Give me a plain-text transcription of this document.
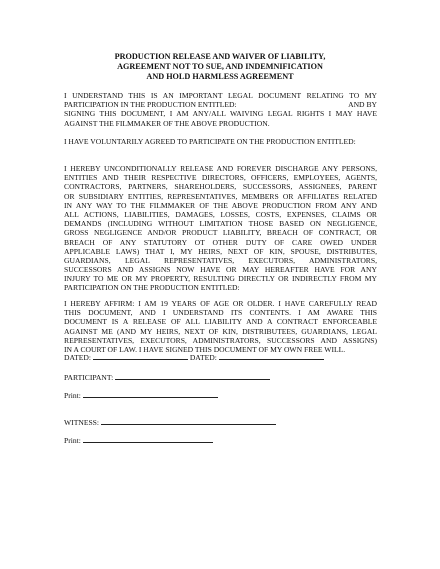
PRODUCTION RELEASE AND WAIVER OF LIABILITY,
AGREEMENT NOT TO SUE, AND INDEMNIFICATION
AND HOLD HARMLESS AGREEMENT
I UNDERSTAND THIS IS AN IMPORTANT LEGAL DOCUMENT RELATING TO MY
PARTICIPATION IN THE PRODUCTION ENTITLED:	AND BY
SIGNING THIS DOCUMENT, I AM ANY/ALL WAIVING LEGAL RIGHTS I MAY HAVE
AGAINST THE FILMMAKER OF THE ABOVE PRODUCTION.
I HAVE VOLUNTARILY AGREED TO PARTICIPATE ON THE PRODUCTION ENTITLED:
I HEREBY UNCONDITIONALLY RELEASE AND FOREVER DISCHARGE ANY PERSONS,
ENTITIES AND THEIR RESPECTIVE DIRECTORS, OFFICERS, EMPLOYEES, AGENTS,
CONTRACTORS, PARTNERS, SHAREHOLDERS, SUCCESSORS, ASSIGNEES, PARENT
OR SUBSIDIARY ENTITIES, REPRESENTATIVES, MEMBERS OR AFFILIATES RELATED
IN ANY WAY TO THE FILMMAKER OF THE ABOVE PRODUCTION FROM ANY AND
ALL ACTIONS, LIABILITIES, DAMAGES, LOSSES, COSTS, EXPENSES, CLAIMS OR
DEMANDS (INCLUDING WITHOUT LIMITATION THOSE BASED ON NEGLIGENCE,
GROSS NEGLIGENCE AND/OR PRODUCT LIABILITY, BREACH OF CONTRACT, OR
BREACH OF ANY STATUTORY OT OTHER DUTY OF CARE OWED UNDER
APPLICABLE LAWS) THAT I, MY HEIRS, NEXT OF KIN, SPOUSE, DISTRIBUTES,
GUARDIANS, LEGAL REPRESENTATIVES, EXECUTORS, ADMINISTRATORS,
SUCCESSORS AND ASSIGNS NOW HAVE OR MAY HEREAFTER HAVE FOR ANY
INJURY TO ME OR MY PROPERTY, RESULTING DIRECTLY OR INDIRECTLY FROM MY
PARTICIPATION ON THE PRODUCTION ENTITLED:
I HEREBY AFFIRM: I AM 19 YEARS OF AGE OR OLDER. I HAVE CAREFULLY READ
THIS DOCUMENT, AND I UNDERSTAND ITS CONTENTS. I AM AWARE THIS
DOCUMENT IS A RELEASE OF ALL LIABILITY AND A CONTRACT ENFORCEABLE
AGAINST ME (AND MY HEIRS, NEXT OF KIN, DISTRIBUTEES, GUARDIANS, LEGAL
REPRESENTATIVES, EXECUTORS, ADMINISTRATORS, SUCCESSORS AND ASSIGNS)
IN A COURT OF LAW. I HAVE SIGNED THIS DOCUMENT OF MY OWN FREE WILL.
DATED:	DATED:
PARTICIPANT:
Print:
WITNESS:
Print:
